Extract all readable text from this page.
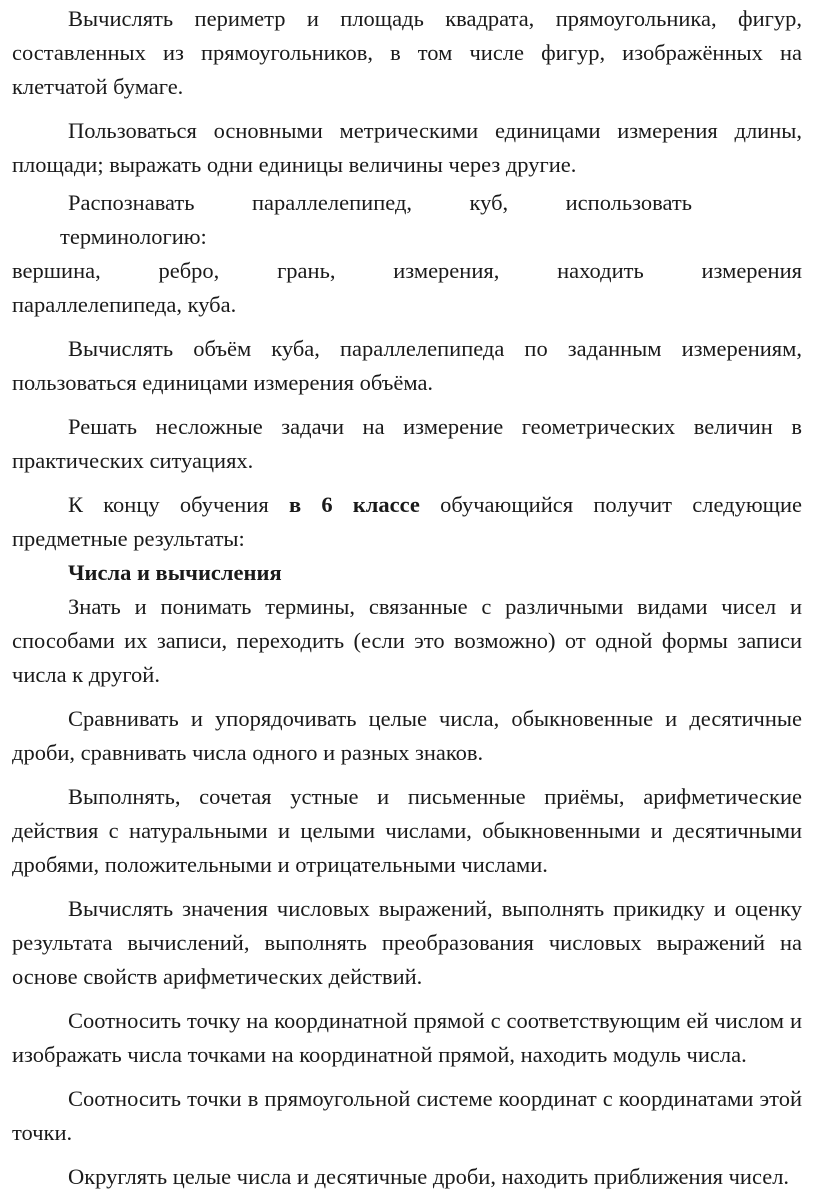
Вычислять периметр и площадь квадрата, прямоугольника, фигур, составленных из прямоугольников, в том числе фигур, изображённых на клетчатой бумаге.

Пользоваться основными метрическими единицами измерения длины, площади; выражать одни единицы величины через другие.

Распознавать	параллелепипед,	куб,	использовать

терминологию:

вершина,	ребро,	грань,	измерения,	находить	измерения

параллелепипеда, куба.

Вычислять объём куба, параллелепипеда по заданным измерениям, пользоваться единицами измерения объёма.

Решать несложные задачи на измерение геометрических величин в практических ситуациях.

К концу обучения в 6 классе обучающийся получит следующие предметные результаты:

Числа и вычисления

Знать и понимать термины, связанные с различными видами чисел и способами их записи, переходить (если это возможно) от одной формы записи числа к другой.

Сравнивать и упорядочивать целые числа, обыкновенные и десятичные дроби, сравнивать числа одного и разных знаков.

Выполнять, сочетая устные и письменные приёмы, арифметические действия с натуральными и целыми числами, обыкновенными и десятичными дробями, положительными и отрицательными числами.

Вычислять значения числовых выражений, выполнять прикидку и оценку результата вычислений, выполнять преобразования числовых выражений на основе свойств арифметических действий.

Соотносить точку на координатной прямой с соответствующим ей числом и изображать числа точками на координатной прямой, находить модуль числа.

Соотносить точки в прямоугольной системе координат с координатами этой точки.

Округлять целые числа и десятичные дроби, находить приближения чисел.
